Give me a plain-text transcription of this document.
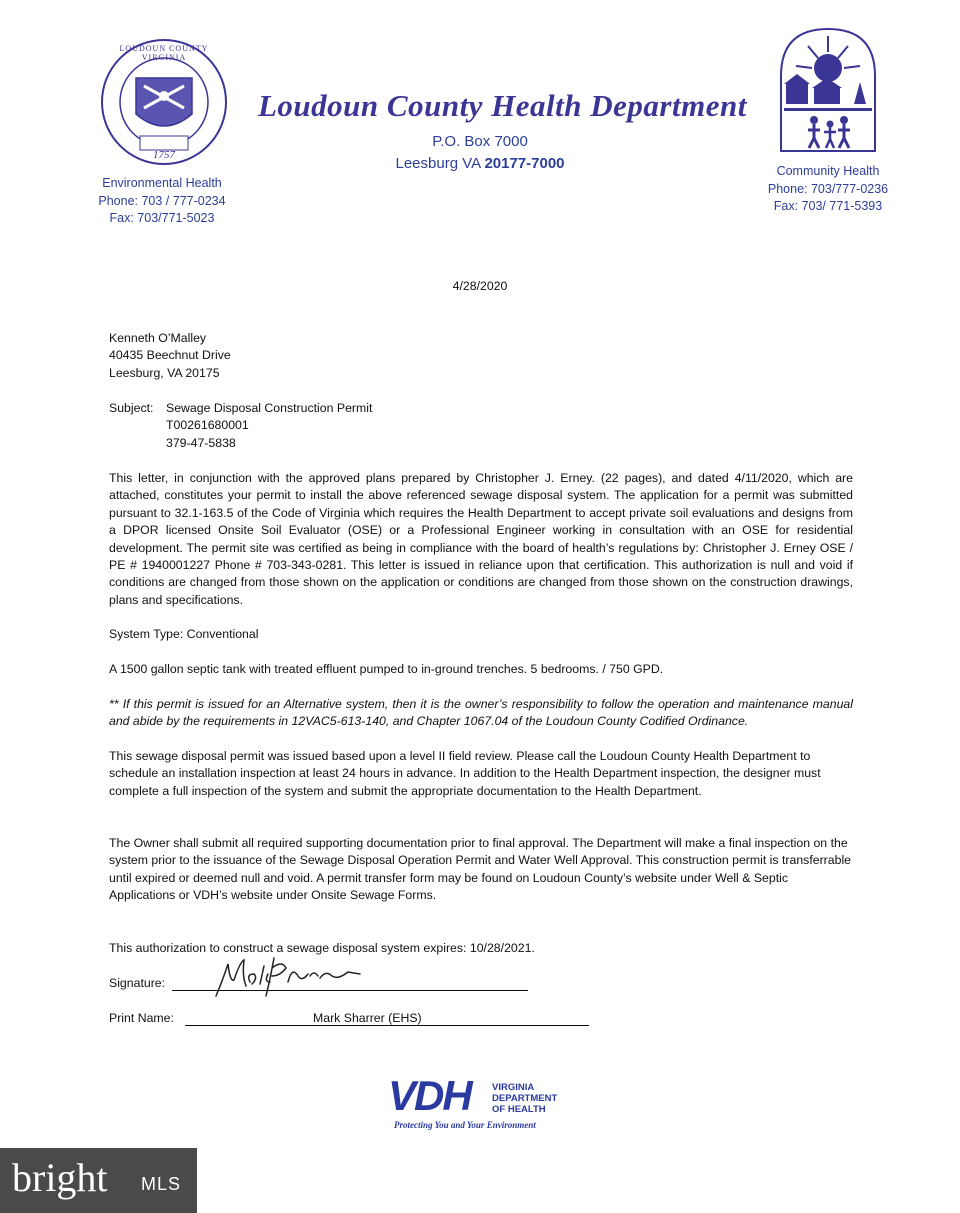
LOUDOUN COUNTY VIRGINIA
1757
Environmental Health
Phone: 703 / 777-0234
Fax: 703/771-5023
Loudoun County Health Department
P.O. Box 7000
Leesburg VA 20177-7000	Community Health
Phone: 703/777-0236
Fax: 703/ 771-5393
4/28/2020
Kenneth O’Malley
40435 Beechnut Drive
Leesburg, VA 20175
Subject: Sewage Disposal Construction Permit
T00261680001
379-47-5838
This letter, in conjunction with the approved plans prepared by Christopher J. Erney. (22 pages), and dated 4/11/2020, which are attached, constitutes your permit to install the above referenced sewage disposal system. The application for a permit was submitted pursuant to 32.1-163.5 of the Code of Virginia which requires the Health Department to accept private soil evaluations and designs from a DPOR licensed Onsite Soil Evaluator (OSE) or a Professional Engineer working in consultation with an OSE for residential development. The permit site was certified as being in compliance with the board of health’s regulations by: Christopher J. Erney OSE / PE # 1940001227 Phone # 703-343-0281. This letter is issued in reliance upon that certification. This authorization is null and void if conditions are changed from those shown on the application or conditions are changed from those shown on the construction drawings, plans and specifications.
System Type: Conventional
A 1500 gallon septic tank with treated effluent pumped to in-ground trenches. 5 bedrooms. / 750 GPD.
** If this permit is issued for an Alternative system, then it is the owner’s responsibility to follow the operation and maintenance manual and abide by the requirements in 12VAC5-613-140, and Chapter 1067.04 of the Loudoun County Codified Ordinance.
This sewage disposal permit was issued based upon a level II field review. Please call the Loudoun County Health Department to schedule an installation inspection at least 24 hours in advance. In addition to the Health Department inspection, the designer must complete a full inspection of the system and submit the appropriate documentation to the Health Department.
The Owner shall submit all required supporting documentation prior to final approval. The Department will make a final inspection on the system prior to the issuance of the Sewage Disposal Operation Permit and Water Well Approval. This construction permit is transferrable until expired or deemed null and void. A permit transfer form may be found on Loudoun County’s website under Well & Septic Applications or VDH’s website under Onsite Sewage Forms.
This authorization to construct a sewage disposal system expires: 10/28/2021.
Signature:
Print Name:	Mark Sharrer (EHS)
VDH VIRGINIA
DEPARTMENT
OF HEALTH
Protecting You and Your Environment
bright MLS
